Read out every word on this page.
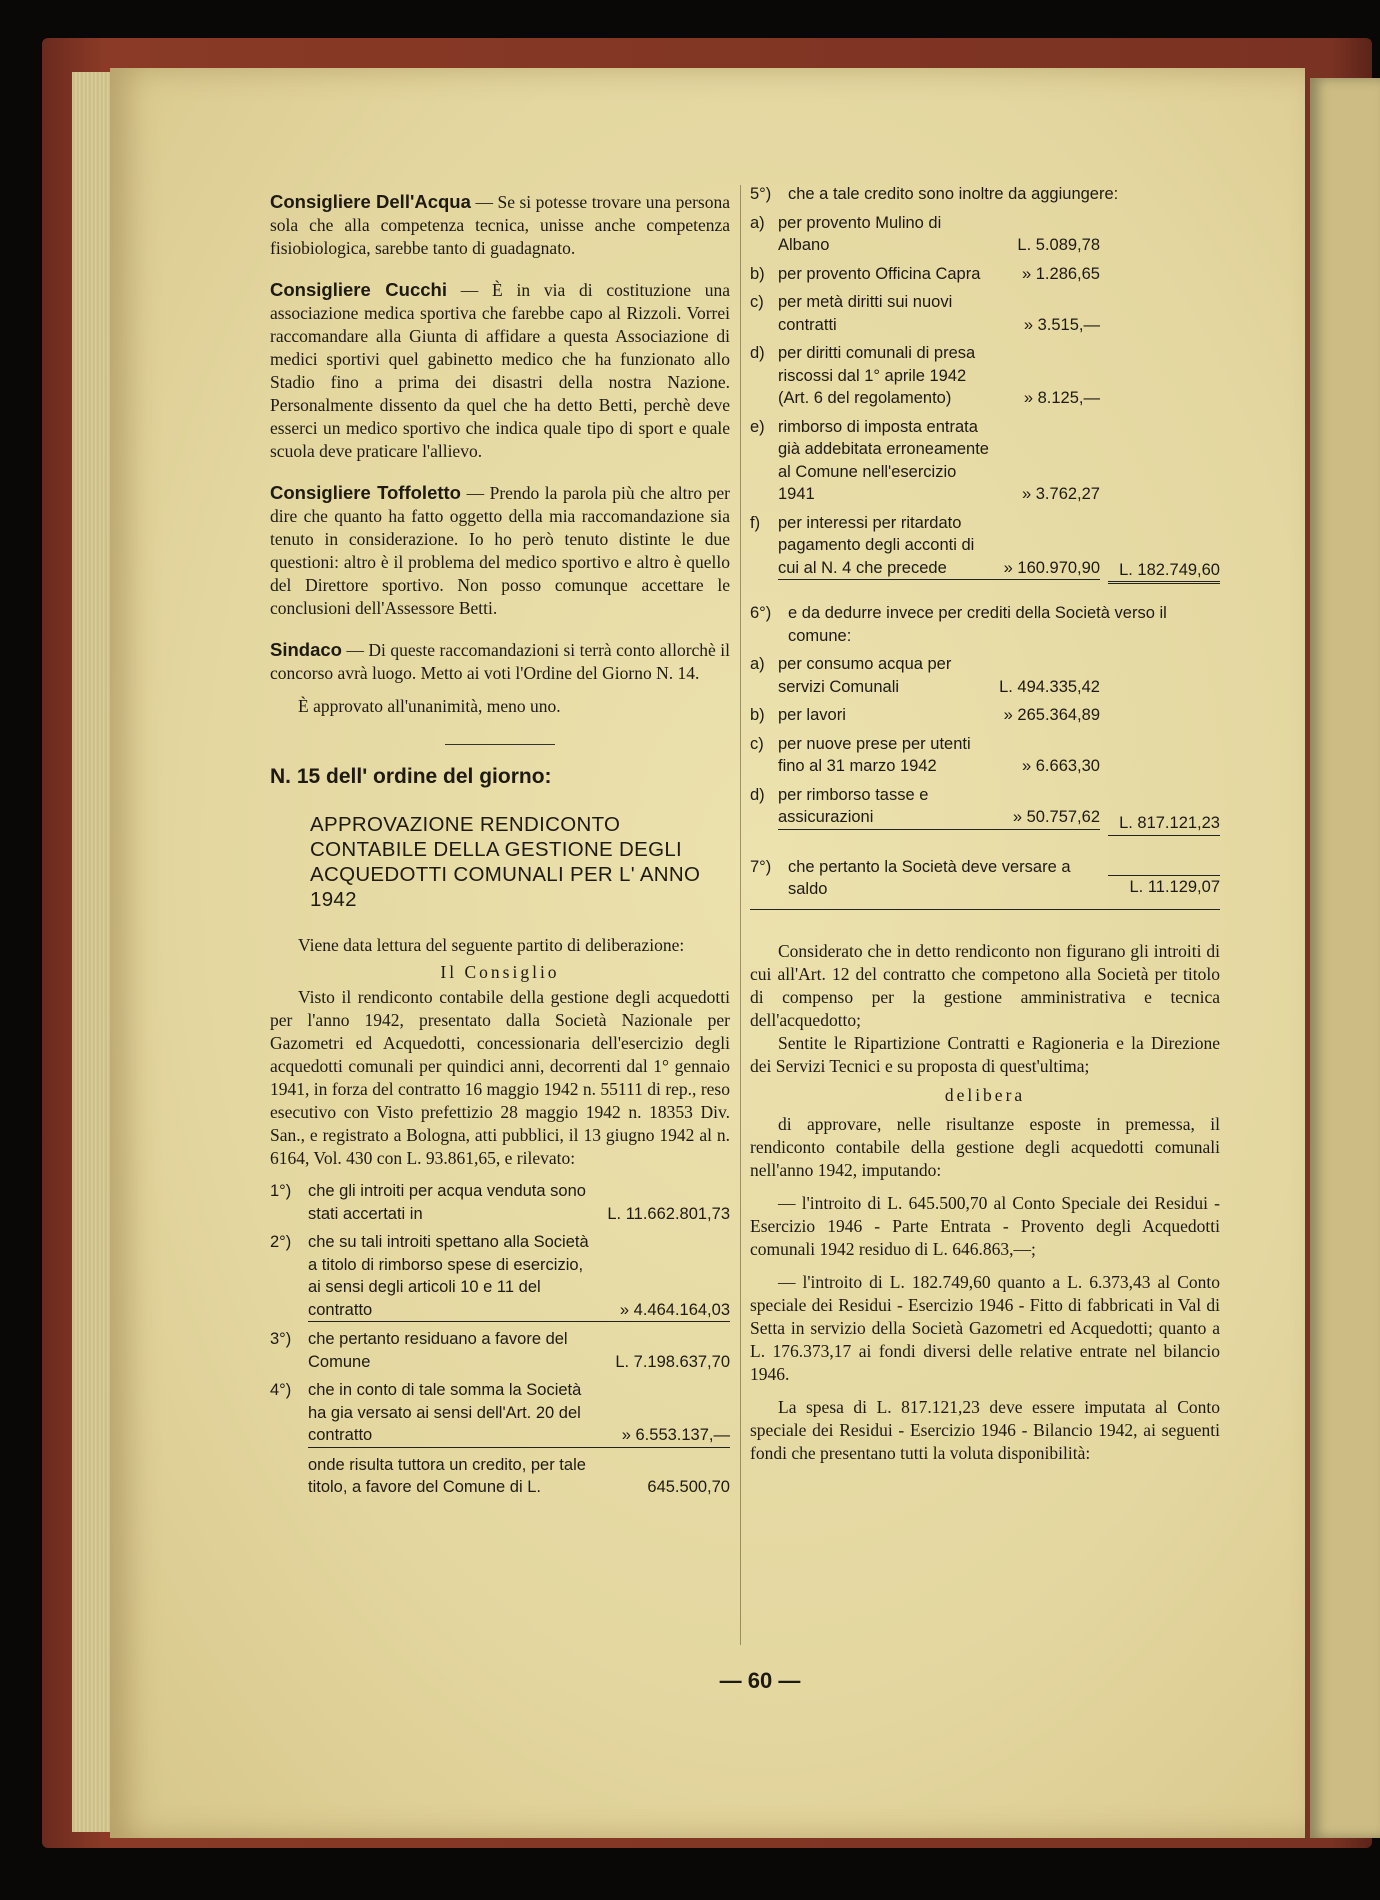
Consigliere Dell'Acqua — Se si potesse trovare una persona sola che alla competenza tecnica, unisse anche competenza fisiobiologica, sarebbe tanto di guadagnato.

Consigliere Cucchi — È in via di costituzione una associazione medica sportiva che farebbe capo al Rizzoli. Vorrei raccomandare alla Giunta di affidare a questa Associazione di medici sportivi quel gabinetto medico che ha funzionato allo Stadio fino a prima dei disastri della nostra Nazione. Personalmente dissento da quel che ha detto Betti, perchè deve esserci un medico sportivo che indica quale tipo di sport e quale scuola deve praticare l'allievo.

Consigliere Toffoletto — Prendo la parola più che altro per dire che quanto ha fatto oggetto della mia raccomandazione sia tenuto in considerazione. Io ho però tenuto distinte le due questioni: altro è il problema del medico sportivo e altro è quello del Direttore sportivo. Non posso comunque accettare le conclusioni dell'Assessore Betti.

Sindaco — Di queste raccomandazioni si terrà conto allorchè il concorso avrà luogo. Metto ai voti l'Ordine del Giorno N. 14.

È approvato all'unanimità, meno uno.

N. 15 dell' ordine del giorno:
APPROVAZIONE RENDICONTO CONTABILE DELLA GESTIONE DEGLI ACQUEDOTTI COMUNALI PER L' ANNO 1942

Viene data lettura del seguente partito di deliberazione:

Il Consiglio

Visto il rendiconto contabile della gestione degli acquedotti per l'anno 1942, presentato dalla Società Nazionale per Gazometri ed Acquedotti, concessionaria dell'esercizio degli acquedotti comunali per quindici anni, decorrenti dal 1° gennaio 1941, in forza del contratto 16 maggio 1942 n. 55111 di rep., reso esecutivo con Visto prefettizio 28 maggio 1942 n. 18353 Div. San., e registrato a Bologna, atti pubblici, il 13 giugno 1942 al n. 6164, Vol. 430 con L. 93.861,65, e rilevato:

1°)	che gli introiti per acqua venduta sono stati accertati in	L. 11.662.801,73
2°)	che su tali introiti spettano alla Società a titolo di rimborso spese di esercizio, ai sensi degli articoli 10 e 11 del contratto	» 4.464.164,03
3°)	che pertanto residuano a favore del Comune	L. 7.198.637,70
4°)	che in conto di tale somma la Società ha gia versato ai sensi dell'Art. 20 del contratto	» 6.553.137,—
onde risulta tuttora un credito, per tale titolo, a favore del Comune di L.	645.500,70
5°)	che a tale credito sono inoltre da aggiungere:
a) per provento Mulino di Albano	L. 5.089,78
b) per provento Officina Capra	» 1.286,65
c) per metà diritti sui nuovi contratti	» 3.515,—
d) per diritti comunali di presa riscossi dal 1° aprile 1942 (Art. 6 del regolamento)	» 8.125,—
e) rimborso di imposta entrata già addebitata erroneamente al Comune nell'esercizio 1941	» 3.762,27
f)	per interessi per ritardato pagamento degli acconti di cui al N. 4 che precede	» 160.970,90	L. 182.749,60
6°)	e da dedurre invece per crediti della Società verso il comune:
a) per consumo acqua per servizi Comunali	L. 494.335,42
b) per lavori	» 265.364,89
c) per nuove prese per utenti fino al 31 marzo 1942	» 6.663,30
d) per rimborso tasse e assicurazioni	» 50.757,62	L. 817.121,23
7°)	che pertanto la Società deve versare a saldo	L. 11.129,07

Considerato che in detto rendiconto non figurano gli introiti di cui all'Art. 12 del contratto che competono alla Società per titolo di compenso per la gestione amministrativa e tecnica dell'acquedotto;

Sentite le Ripartizione Contratti e Ragioneria e la Direzione dei Servizi Tecnici e su proposta di quest'ultima;

delibera

di approvare, nelle risultanze esposte in premessa, il rendiconto contabile della gestione degli acquedotti comunali nell'anno 1942, imputando:

— l'introito di L. 645.500,70 al Conto Speciale dei Residui - Esercizio 1946 - Parte Entrata - Provento degli Acquedotti comunali 1942 residuo di L. 646.863,—;

— l'introito di L. 182.749,60 quanto a L. 6.373,43 al Conto speciale dei Residui - Esercizio 1946 - Fitto di fabbricati in Val di Setta in servizio della Società Gazometri ed Acquedotti; quanto a L. 176.373,17 ai fondi diversi delle relative entrate nel bilancio 1946.

La spesa di L. 817.121,23 deve essere imputata al Conto speciale dei Residui - Esercizio 1946 - Bilancio 1942, ai seguenti fondi che presentano tutti la voluta disponibilità:

— 60 —
